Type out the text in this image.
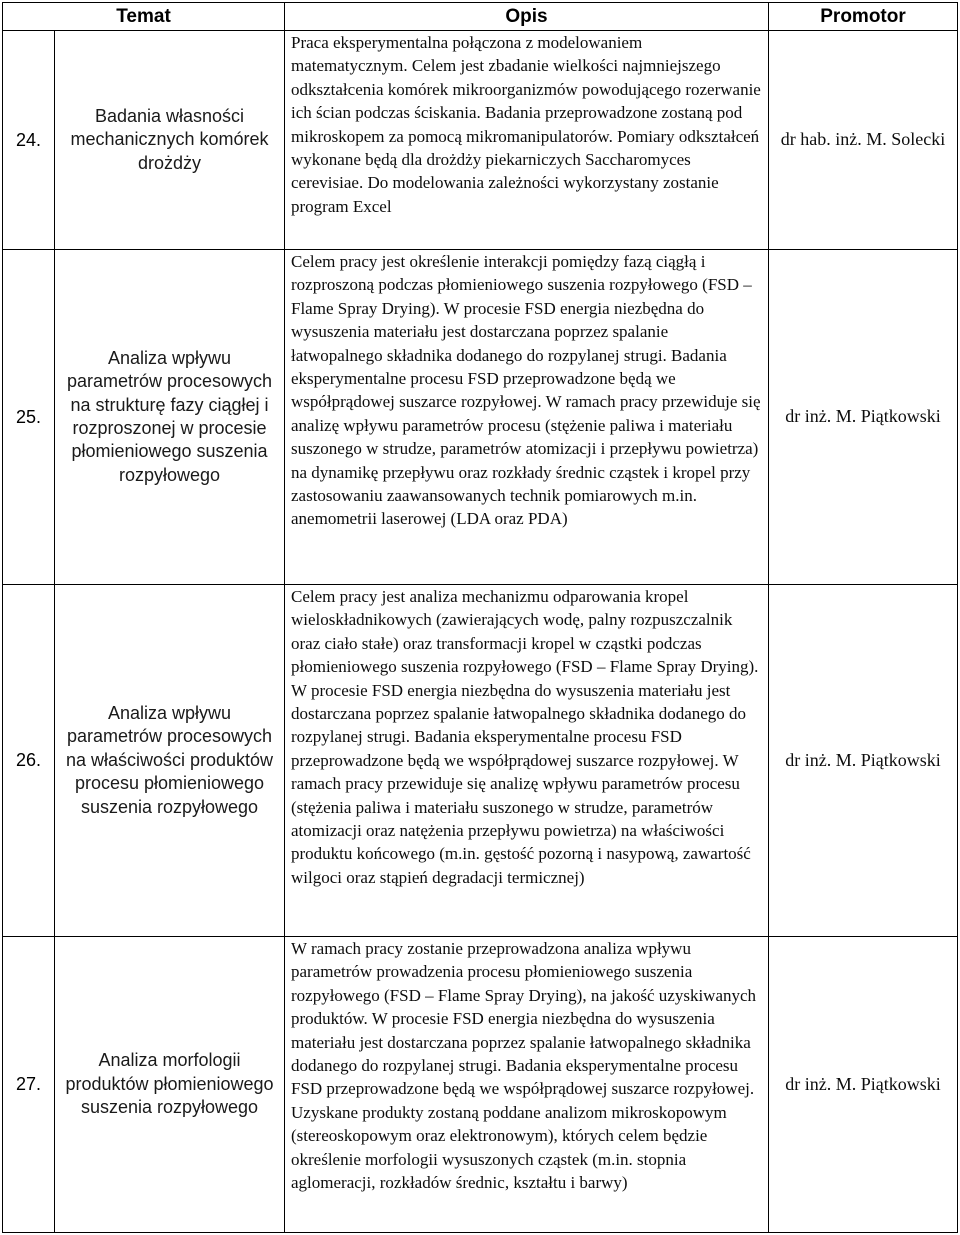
Temat		Opis	Promotor
24.	Badania własności mechanicznych komórek drożdży	Praca eksperymentalna połączona z modelowaniem matematycznym. Celem jest zbadanie wielkości najmniejszego odkształcenia komórek mikroorganizmów powodującego rozerwanie ich ścian podczas ściskania. Badania przeprowadzone zostaną pod mikroskopem za pomocą mikromanipulatorów. Pomiary odkształceń wykonane będą dla drożdży piekarniczych Saccharomyces cerevisiae. Do modelowania zależności wykorzystany zostanie program Excel	dr hab. inż. M. Solecki
25.	Analiza wpływu parametrów procesowych na strukturę fazy ciągłej i rozproszonej w procesie płomieniowego suszenia rozpyłowego	Celem pracy jest określenie interakcji pomiędzy fazą ciągłą i rozproszoną podczas płomieniowego suszenia rozpyłowego (FSD – Flame Spray Drying). W procesie FSD energia niezbędna do wysuszenia materiału jest dostarczana poprzez spalanie łatwopalnego składnika dodanego do rozpylanej strugi. Badania eksperymentalne procesu FSD przeprowadzone będą we współprądowej suszarce rozpyłowej. W ramach pracy przewiduje się analizę wpływu parametrów procesu (stężenie paliwa i materiału suszonego w strudze, parametrów atomizacji i przepływu powietrza) na dynamikę przepływu oraz rozkłady średnic cząstek i kropel przy zastosowaniu zaawansowanych technik pomiarowych m.in. anemometrii laserowej (LDA oraz PDA)	dr inż. M. Piątkowski
26.	Analiza wpływu parametrów procesowych na właściwości produktów procesu płomieniowego suszenia rozpyłowego	Celem pracy jest analiza mechanizmu odparowania kropel wieloskładnikowych (zawierających wodę, palny rozpuszczalnik oraz ciało stałe) oraz transformacji kropel w cząstki podczas płomieniowego suszenia rozpyłowego (FSD – Flame Spray Drying). W procesie FSD energia niezbędna do wysuszenia materiału jest dostarczana poprzez spalanie łatwopalnego składnika dodanego do rozpylanej strugi. Badania eksperymentalne procesu FSD przeprowadzone będą we współprądowej suszarce rozpyłowej. W ramach pracy przewiduje się analizę wpływu parametrów procesu (stężenia paliwa i materiału suszonego w strudze, parametrów atomizacji oraz natężenia przepływu powietrza) na właściwości produktu końcowego (m.in. gęstość pozorną i nasypową, zawartość wilgoci oraz stąpień degradacji termicznej)	dr inż. M. Piątkowski
27.	Analiza morfologii produktów płomieniowego suszenia rozpyłowego	W ramach pracy zostanie przeprowadzona analiza wpływu parametrów prowadzenia procesu płomieniowego suszenia rozpyłowego (FSD – Flame Spray Drying), na jakość uzyskiwanych produktów. W procesie FSD energia niezbędna do wysuszenia materiału jest dostarczana poprzez spalanie łatwopalnego składnika dodanego do rozpylanej strugi. Badania eksperymentalne procesu FSD przeprowadzone będą we współprądowej suszarce rozpyłowej. Uzyskane produkty zostaną poddane analizom mikroskopowym (stereoskopowym oraz elektronowym), których celem będzie określenie morfologii wysuszonych cząstek (m.in. stopnia aglomeracji, rozkładów średnic, kształtu i barwy)	dr inż. M. Piątkowski
